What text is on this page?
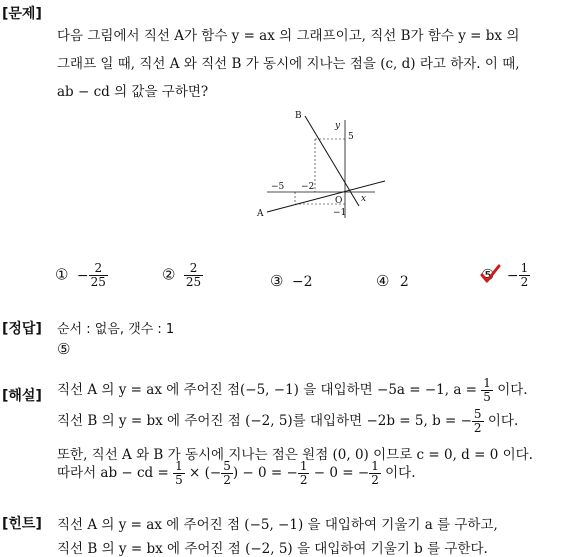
[문제]
다음 그림에서 직선 A가 함수 y = ax 의 그래프이고, 직선 B가 함수 y = bx 의
그래프 일 때, 직선 A 와 직선 B 가 동시에 지나는 점을 (c, d) 라고 하자. 이 때,
ab − cd 의 값을 구하면?
B
y
5
−5 −2
O x
A	−1
① − $\frac{2}{25}$	② $\frac{2}{25}$	③ −2	④ 2	⑤ − $\frac{1}{2}$
[정답] 순서 : 없음, 갯수 : 1
⑤
[해설] 직선 A 의 y = ax 에 주어진 점(−5, −1) 을 대입하면 −5a = −1, $a = \frac{1}{5}$ 이다.
직선 B 의 y = bx 에 주어진 점 (−2, 5)를 대입하면 −2b = 5, b = − $\frac{5}{2}$ 이다.
또한, 직선 A 와 B 가 동시에 지나는 점은 원점 (0, 0) 이므로 c = 0, d = 0 이다.
따라서 ab − cd = $\frac{1}{5}$ × (− $\frac{5}{2}$ ) − 0 = − $\frac{1}{2} - 0$ = − $\frac{1}{2}$ 이다.
[힌트] 직선 A 의 y = ax 에 주어진 점 (−5, −1) 을 대입하여 기울기 a 를 구하고,
직선 B 의 y = bx 에 주어진 점 (−2, 5) 을 대입하여 기울기 b 를 구한다.
